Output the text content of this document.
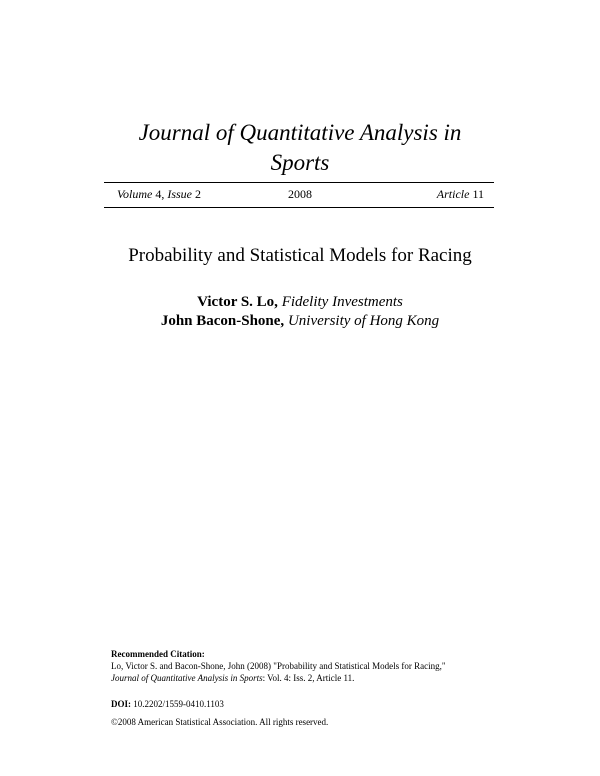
Journal of Quantitative Analysis in
Sports
Volume 4, Issue 2	2008	Article 11
Probability and Statistical Models for Racing
Victor S. Lo, Fidelity Investments
John Bacon-Shone, University of Hong Kong
Recommended Citation:
Lo, Victor S. and Bacon-Shone, John (2008) "Probability and Statistical Models for Racing,"
Journal of Quantitative Analysis in Sports: Vol. 4: Iss. 2, Article 11.
DOI: 10.2202/1559-0410.1103
©2008 American Statistical Association. All rights reserved.
